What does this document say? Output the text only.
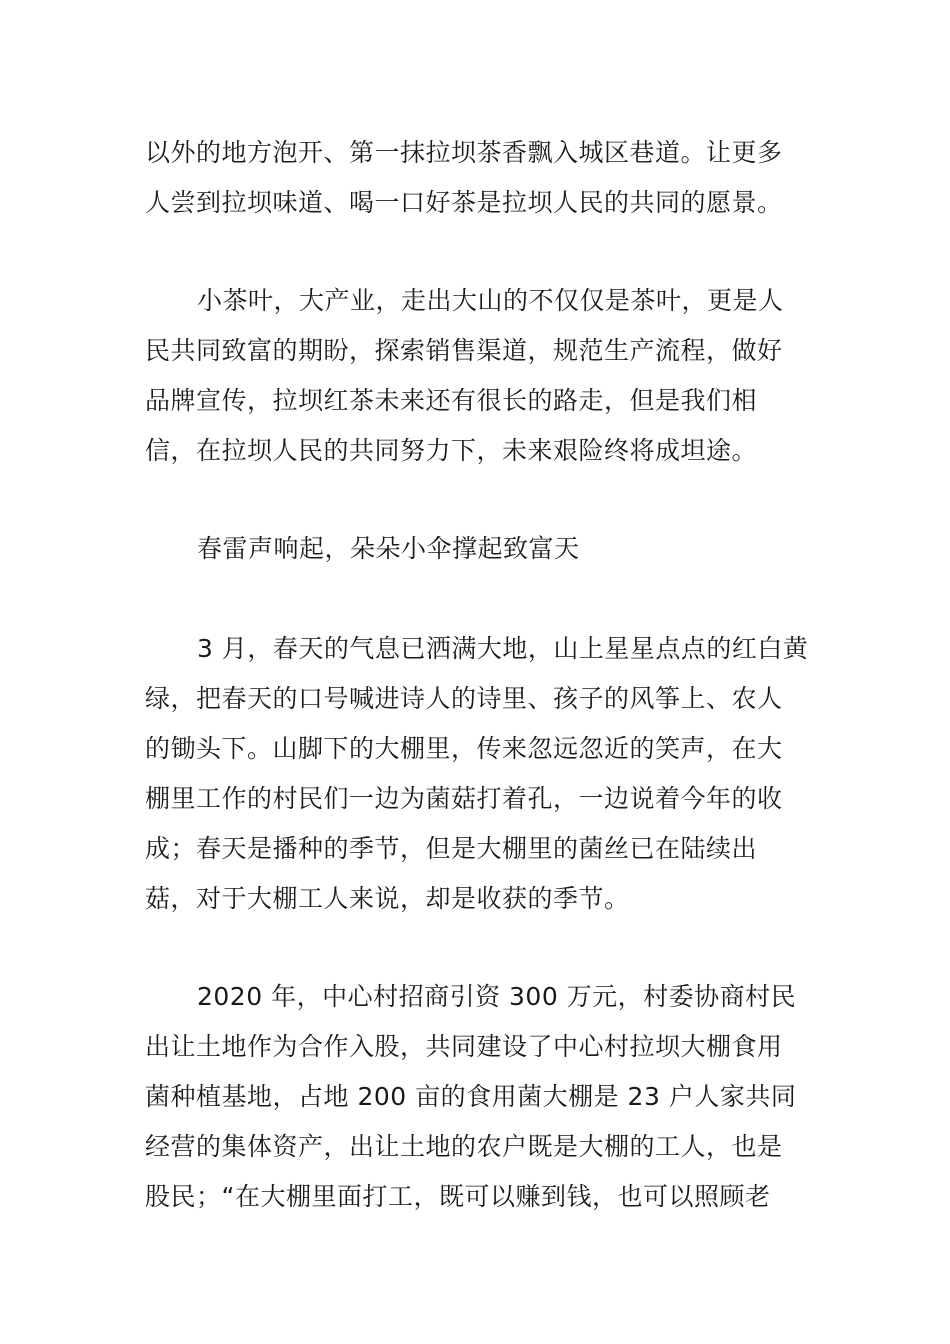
以外的地方泡开、第一抹拉坝茶香飘入城区巷道。让更多
人尝到拉坝味道、喝一口好茶是拉坝人民的共同的愿景。

小茶叶，大产业，走出大山的不仅仅是茶叶，更是人
民共同致富的期盼，探索销售渠道，规范生产流程，做好
品牌宣传，拉坝红茶未来还有很长的路走，但是我们相
信，在拉坝人民的共同努力下，未来艰险终将成坦途。

春雷声响起，朵朵小伞撑起致富天

3 月，春天的气息已洒满大地，山上星星点点的红白黄
绿，把春天的口号喊进诗人的诗里、孩子的风筝上、农人
的锄头下。山脚下的大棚里，传来忽远忽近的笑声，在大
棚里工作的村民们一边为菌菇打着孔，一边说着今年的收
成；春天是播种的季节，但是大棚里的菌丝已在陆续出
菇，对于大棚工人来说，却是收获的季节。

2020 年，中心村招商引资 300 万元，村委协商村民
出让土地作为合作入股，共同建设了中心村拉坝大棚食用
菌种植基地，占地 200 亩的食用菌大棚是 23 户人家共同
经营的集体资产，出让土地的农户既是大棚的工人，也是
股民；“在大棚里面打工，既可以赚到钱，也可以照顾老
